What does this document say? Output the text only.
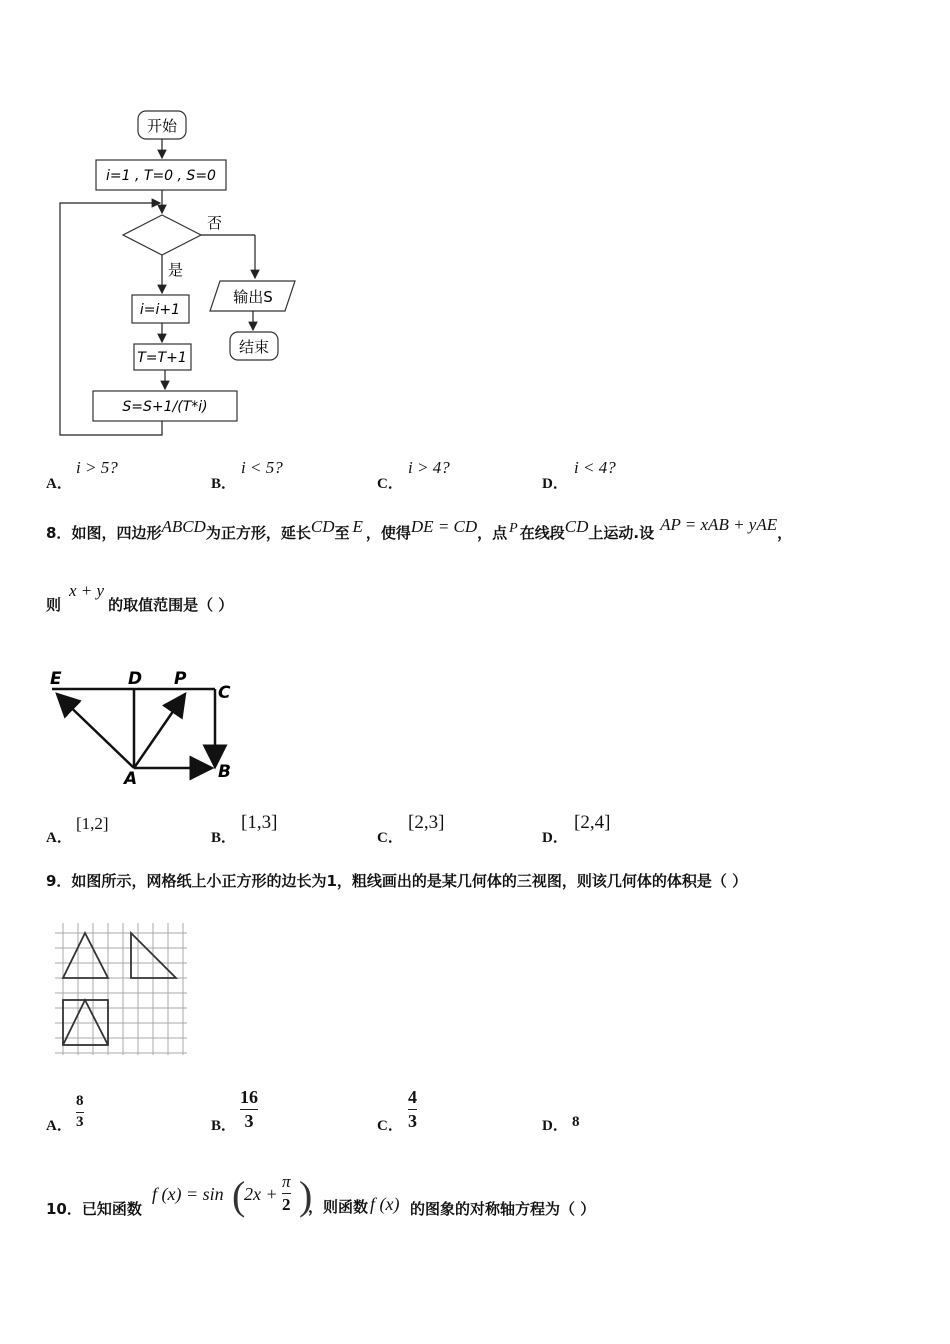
开始
i=1 , T=0 , S=0
否
输出S
结束
是
i=i+1
T=T+1
S=S+1/(T*i)
A．
i > 5?
B．
i < 5?
C．
i > 4?
D．
i < 4?
8．如图，四边形ABCD为正方形，延长CD至 E ，使得DE = CD，点 P 在线段CD上运动.设 AP = xAB + yAE，
则x + y的取值范围是（ ）
E	D P
C
A	B
A．
[1,2]
B．
[1,3]
C．
[2,3]
D．
[2,4]
9．如图所示，网格纸上小正方形的边长为1，粗线画出的是某几何体的三视图，则该几何体的体积是（ ）
A．
8
3	B．
16
3	C．
4
3	D． 8
10．已知函数
f (x) = sin (
2x +
π
2 )
，则函数 f (x) 的图象的对称轴方程为（ ）
